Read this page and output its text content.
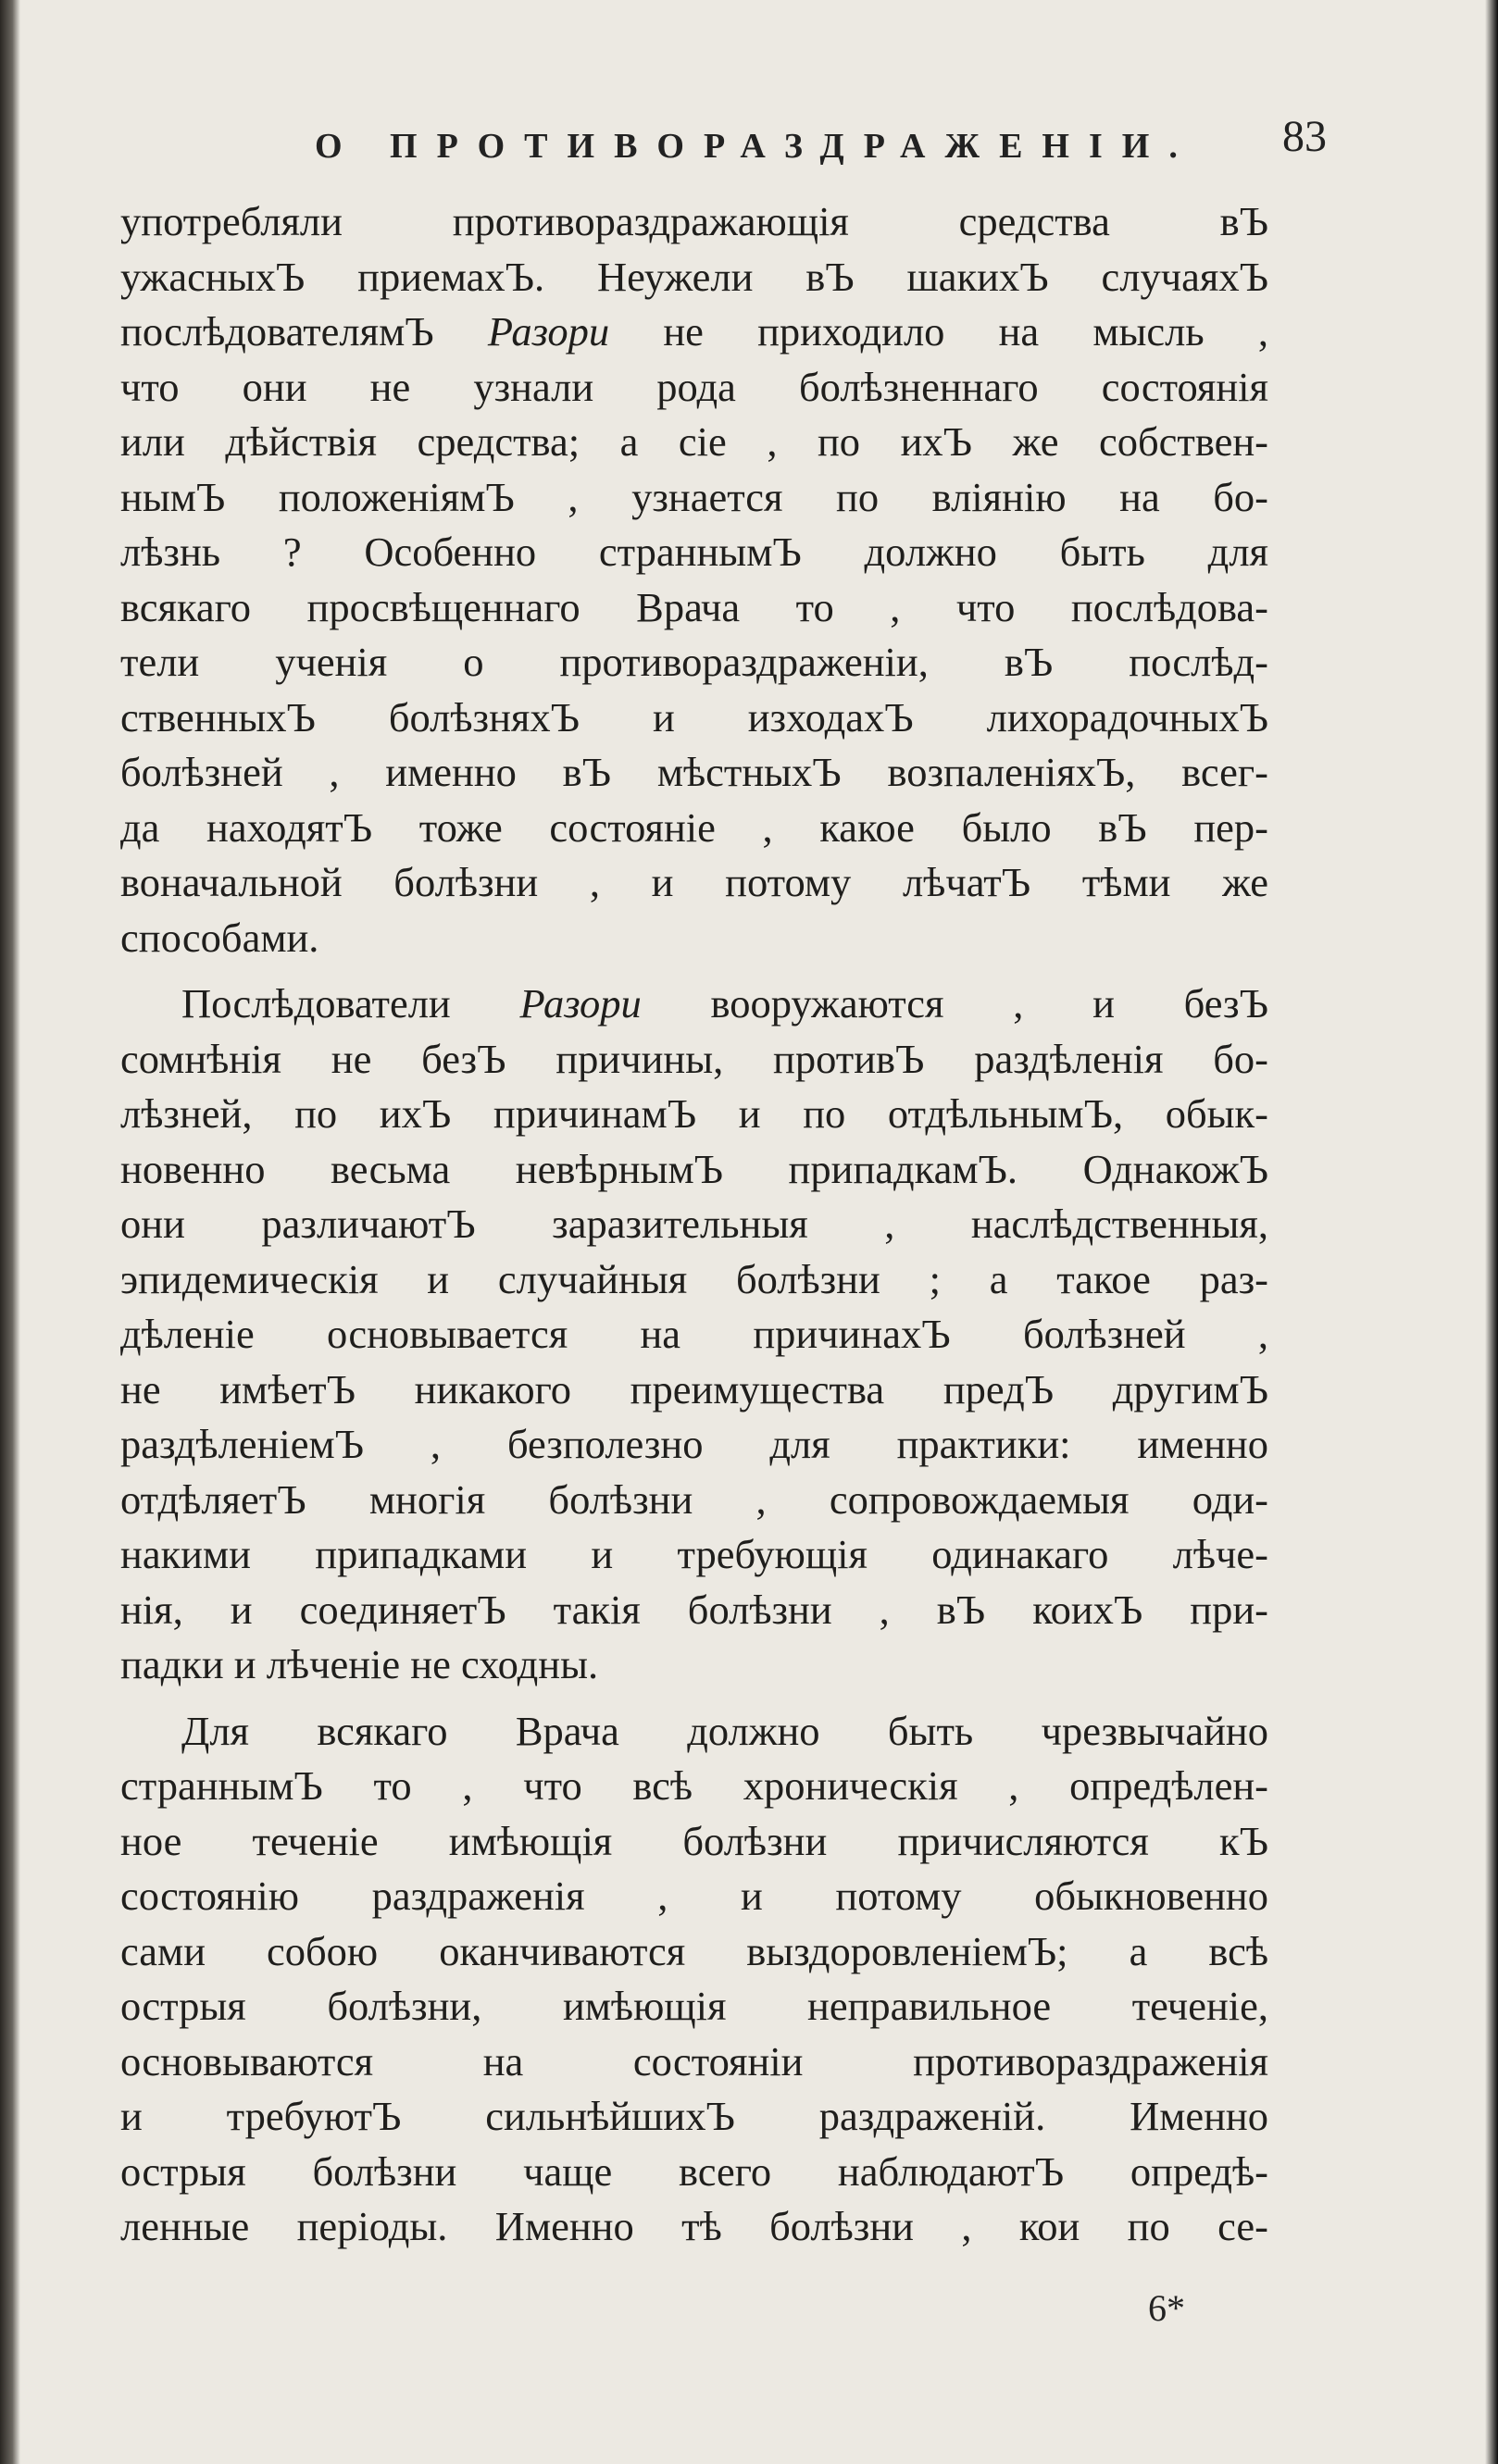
О ПРОТИВОРАЗДРАЖЕНІИ. 83
употребляли противораздражающія средства вЪ
ужасныхЪ приемахЪ. Неужели вЪ шакихЪ случаяхЪ
послѣдователямЪ Разори не приходило на мысль ,
что они не узнали рода болѣзненнаго состоянія
или дѣйствія средства; а сіе , по ихЪ же собствен-
нымЪ положеніямЪ , узнается по вліянію на бо-
лѣзнь ? Особенно страннымЪ должно быть для
всякаго просвѣщеннаго Врача то , что послѣдова-
тели ученія о противораздраженіи, вЪ послѣд-
ственныхЪ болѣзняхЪ и изходахЪ лихорадочныхЪ
болѣзней , именно вЪ мѣстныхЪ возпаленіяхЪ, всег-
да находятЪ тоже состояніе , какое было вЪ пер-
воначальной болѣзни , и потому лѣчатЪ тѣми же
способами.
Послѣдователи Разори вооружаются , и безЪ
сомнѣнія не безЪ причины, противЪ раздѣленія бо-
лѣзней, по ихЪ причинамЪ и по отдѣльнымЪ, обык-
новенно весьма невѣрнымЪ припадкамЪ. ОднакожЪ
они различаютЪ заразительныя , наслѣдственныя,
эпидемическія и случайныя болѣзни ; а такое раз-
дѣленіе основывается на причинахЪ болѣзней ,
не имѣетЪ никакого преимущества предЪ другимЪ
раздѣленіемЪ , безполезно для практики: именно
отдѣляетЪ многія болѣзни , сопровождаемыя оди-
накими припадками и требующія одинакаго лѣче-
нія, и соединяетЪ такія болѣзни , вЪ коихЪ при-
падки и лѣченіе не сходны.
Для всякаго Врача должно быть чрезвычайно
страннымЪ то , что всѣ хроническія , опредѣлен-
ное теченіе имѣющія болѣзни причисляются кЪ
состоянію раздраженія , и потому обыкновенно
сами собою оканчиваются выздоровленіемЪ; а всѣ
острыя болѣзни, имѣющія неправильное теченіе,
основываются на состояніи противораздраженія
и требуютЪ сильнѣйшихЪ раздраженій. Именно
острыя болѣзни чаще всего наблюдаютЪ опредѣ-
ленные періоды. Именно тѣ болѣзни , кои по се-
6*
